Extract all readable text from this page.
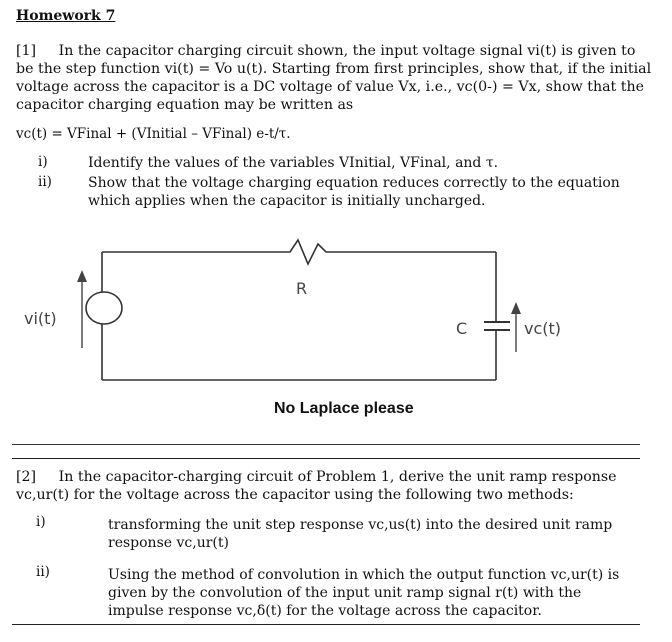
Homework 7
[1] In the capacitor charging circuit shown, the input voltage signal vi(t) is given to be the step function vi(t) = Vo u(t). Starting from first principles, show that, if the initial voltage across the capacitor is a DC voltage of value Vx, i.e., vc(0-) = Vx, show that the capacitor charging equation may be written as
vc(t) = VFinal + (VInitial – VFinal) e-t/τ.
i)	Identify the values of the variables VInitial, VFinal, and τ.
ii)	Show that the voltage charging equation reduces correctly to the equation which applies when the capacitor is initially uncharged.
R
C
vi(t)
vc(t)
No Laplace please
[2] In the capacitor-charging circuit of Problem 1, derive the unit ramp response vc,ur(t) for the voltage across the capacitor using the following two methods:
i)	transforming the unit step response vc,us(t) into the desired unit ramp response vc,ur(t)
ii)	Using the method of convolution in which the output function vc,ur(t) is given by the convolution of the input unit ramp signal r(t) with the impulse response vc,δ(t) for the voltage across the capacitor.
